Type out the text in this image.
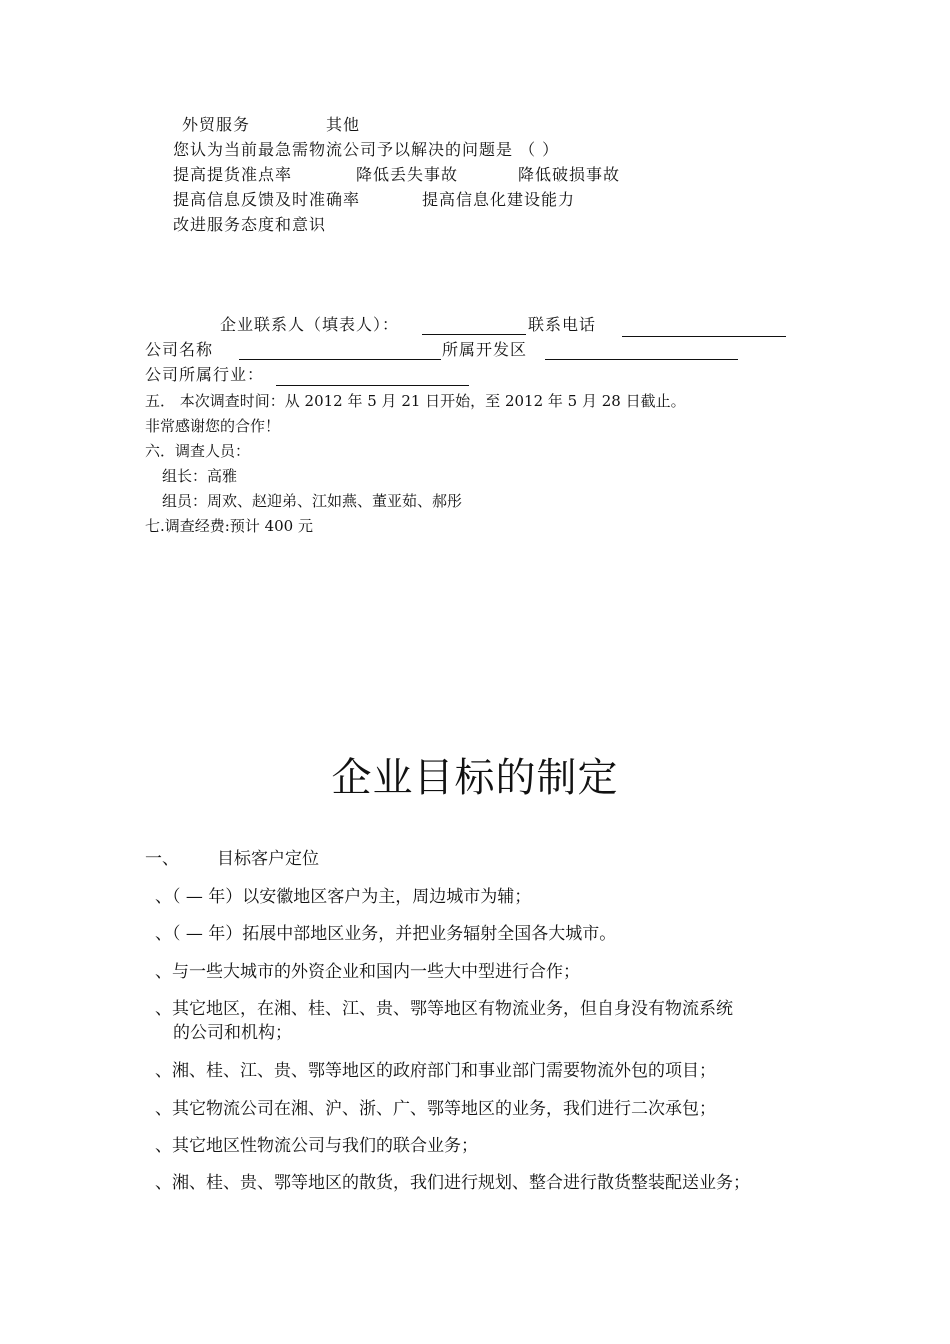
外贸服务	其他
您认为当前最急需物流公司予以解决的问题是 （ ）
提高提货准点率	降低丢失事故	降低破损事故
提高信息反馈及时准确率	提高信息化建设能力
改进服务态度和意识
企业联系人（填表人）：	联系电话
公司名称	所属开发区
公司所属行业：
五． 本次调查时间：从 2012 年 5 月 21 日开始，至 2012 年 5 月 28 日截止。
非常感谢您的合作！
六．调查人员：
组长：高雅
组员：周欢、赵迎弟、江如燕、董亚茹、郝彤
七.调查经费:预计 400 元
企业目标的制定
一、 目标客户定位
、（ — 年）以安徽地区客户为主，周边城市为辅；
、（ — 年）拓展中部地区业务，并把业务辐射全国各大城市。
、与一些大城市的外资企业和国内一些大中型进行合作；
、其它地区，在湘、桂、江、贵、鄂等地区有物流业务，但自身没有物流系统
的公司和机构；
、湘、桂、江、贵、鄂等地区的政府部门和事业部门需要物流外包的项目；
、其它物流公司在湘、沪、浙、广、鄂等地区的业务，我们进行二次承包；
、其它地区性物流公司与我们的联合业务；
、湘、桂、贵、鄂等地区的散货，我们进行规划、整合进行散货整装配送业务；
